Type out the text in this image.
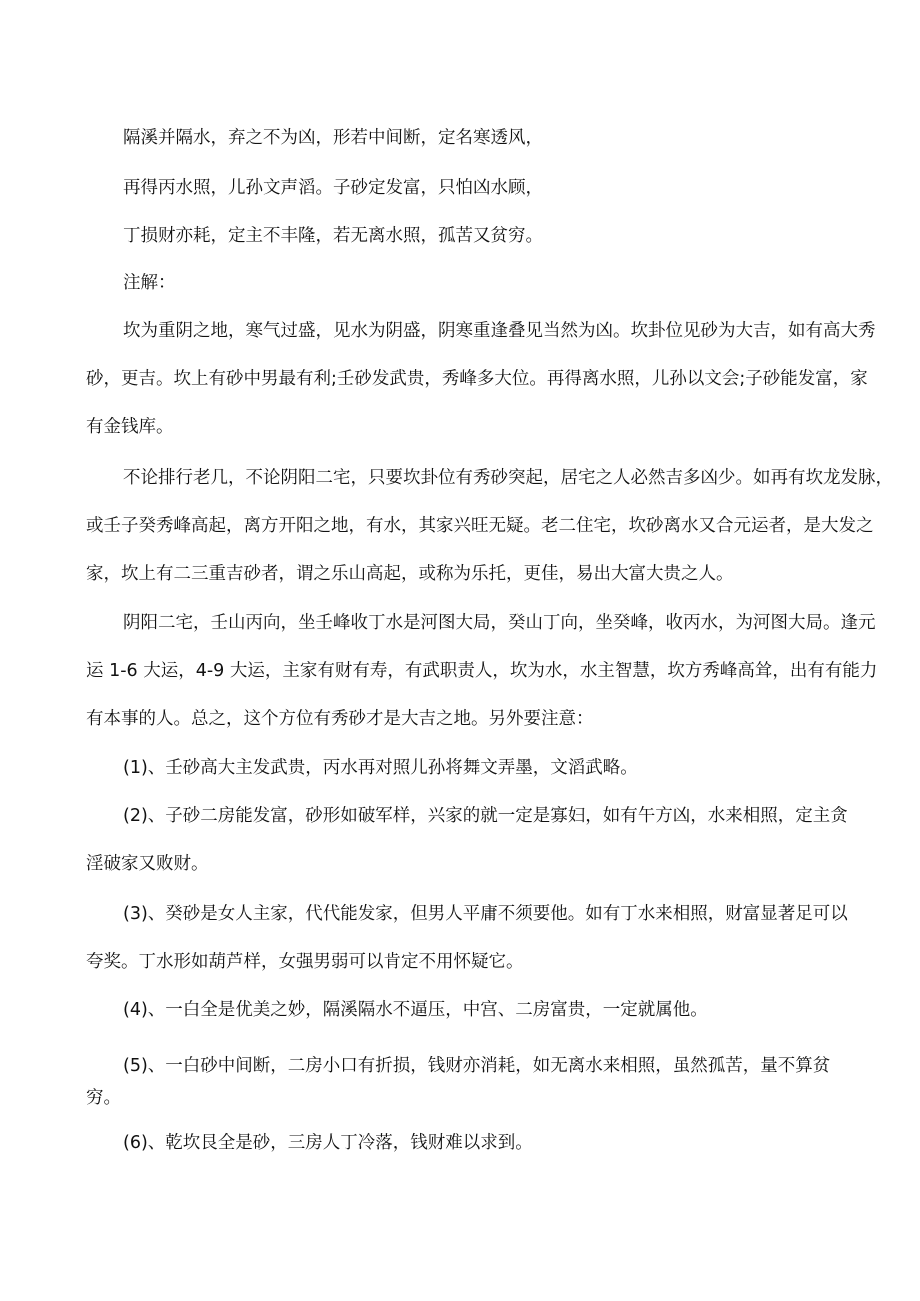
隔溪并隔水，弃之不为凶，形若中间断，定名寒透风，
再得丙水照，儿孙文声滔。子砂定发富，只怕凶水顾，
丁损财亦耗，定主不丰隆，若无离水照，孤苦又贫穷。
注解：
坎为重阴之地，寒气过盛，见水为阴盛，阴寒重逢叠见当然为凶。坎卦位见砂为大吉，如有高大秀
砂，更吉。坎上有砂中男最有利;壬砂发武贵，秀峰多大位。再得离水照，儿孙以文会;子砂能发富，家
有金钱库。
不论排行老几，不论阴阳二宅，只要坎卦位有秀砂突起，居宅之人必然吉多凶少。如再有坎龙发脉，
或壬子癸秀峰高起，离方开阳之地，有水，其家兴旺无疑。老二住宅，坎砂离水又合元运者，是大发之
家，坎上有二三重吉砂者，谓之乐山高起，或称为乐托，更佳，易出大富大贵之人。
阴阳二宅，壬山丙向，坐壬峰收丁水是河图大局，癸山丁向，坐癸峰，收丙水，为河图大局。逢元
运 1-6 大运，4-9 大运，主家有财有寿，有武职责人，坎为水，水主智慧，坎方秀峰高耸，出有有能力
有本事的人。总之，这个方位有秀砂才是大吉之地。另外要注意：
(1)、壬砂高大主发武贵，丙水再对照儿孙将舞文弄墨，文滔武略。
(2)、子砂二房能发富，砂形如破军样，兴家的就一定是寡妇，如有午方凶，水来相照，定主贪
淫破家又败财。
(3)、癸砂是女人主家，代代能发家，但男人平庸不须要他。如有丁水来相照，财富显著足可以
夸奖。丁水形如葫芦样，女强男弱可以肯定不用怀疑它。
(4)、一白全是优美之妙，隔溪隔水不逼压，中宫、二房富贵，一定就属他。
(5)、一白砂中间断，二房小口有折损，钱财亦消耗，如无离水来相照，虽然孤苦，量不算贫
穷。
(6)、乾坎艮全是砂，三房人丁冷落，钱财难以求到。
